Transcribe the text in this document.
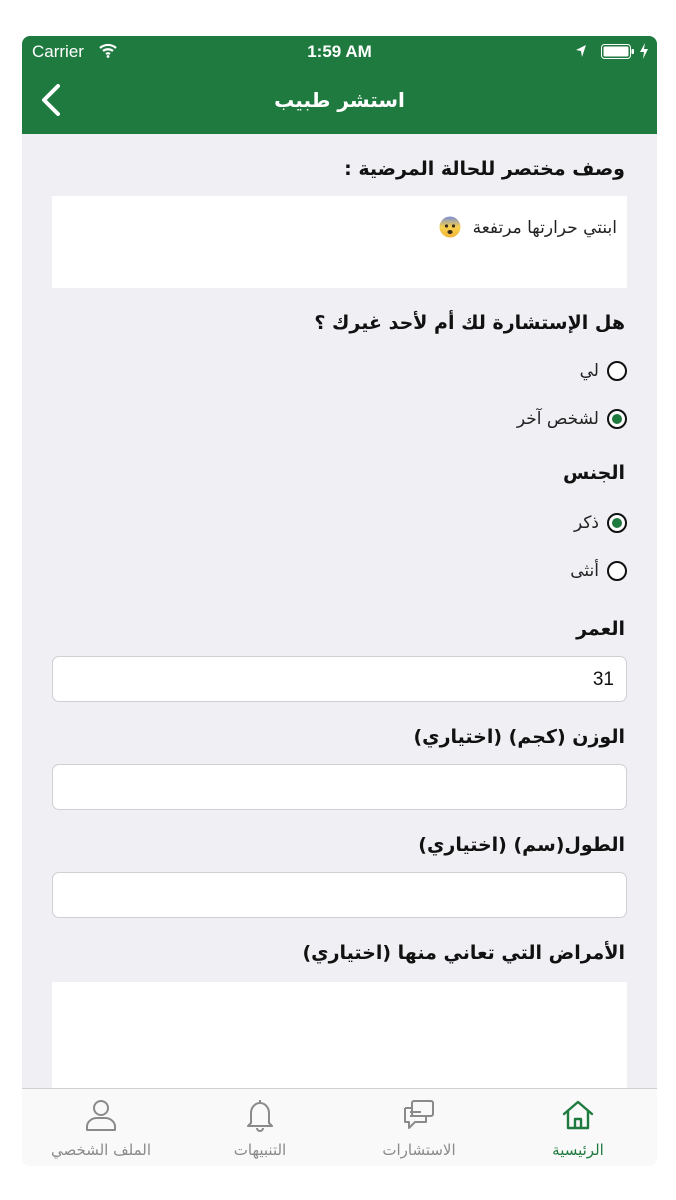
Carrier	1:59 AM
استشر طبيب
وصف مختصر للحالة المرضية :
ابنتي حرارتها مرتفعة
هل الإستشارة لك أم لأحد غيرك ؟
لي
لشخص آخر
الجنس
ذكر
أنثى
العمر
31
الوزن (كجم) (اختياري)
الطول(سم) (اختياري)
الأمراض التي تعاني منها (اختياري)
الرئيسية
الاستشارات
التنبيهات
الملف الشخصي
